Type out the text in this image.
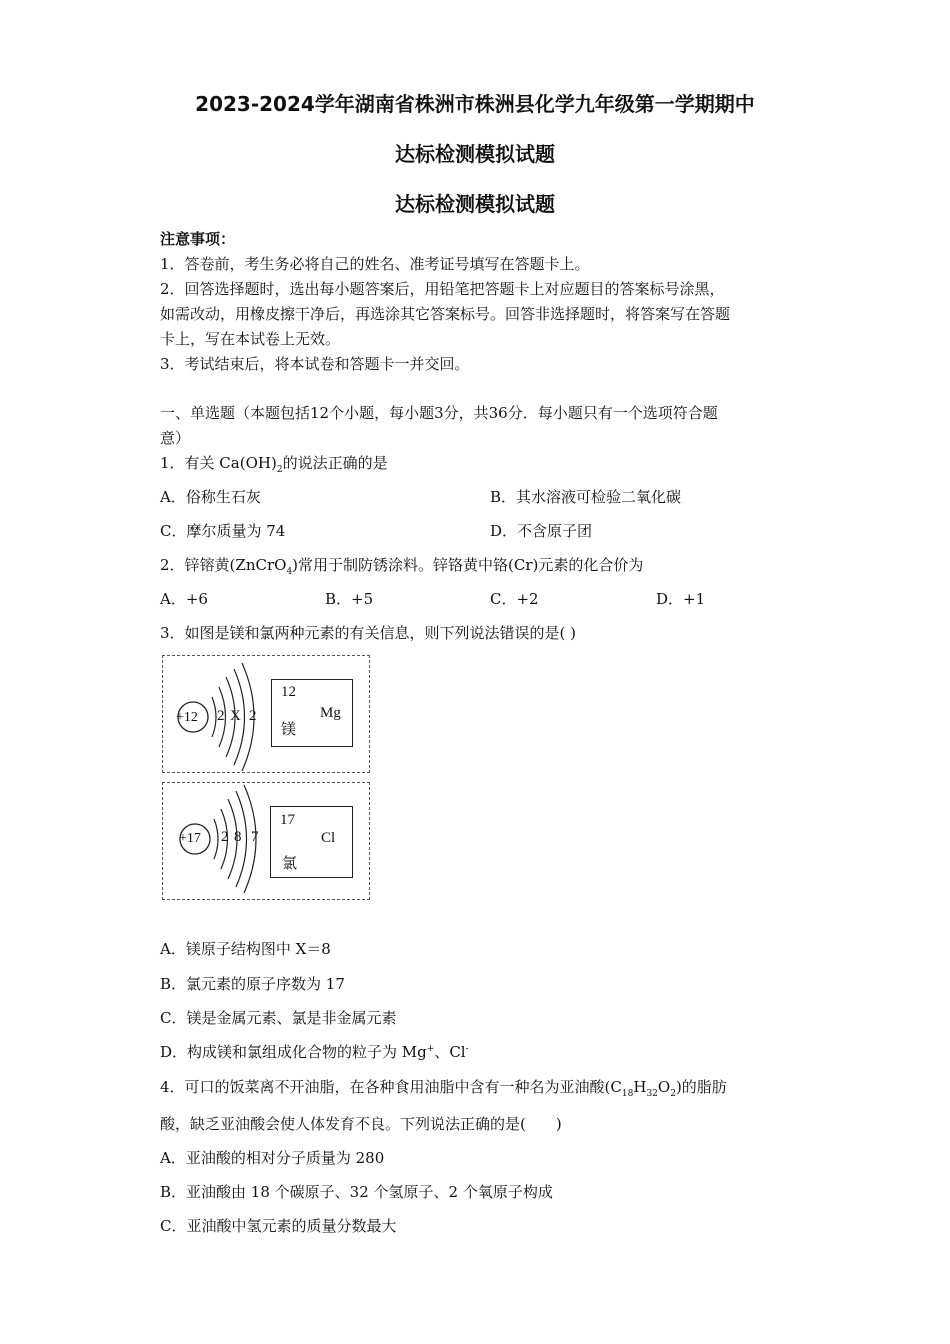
2023-2024学年湖南省株洲市株洲县化学九年级第一学期期中
达标检测模拟试题
达标检测模拟试题
注意事项：
1．答卷前，考生务必将自己的姓名、准考证号填写在答题卡上。
2．回答选择题时，选出每小题答案后，用铅笔把答题卡上对应题目的答案标号涂黑，
如需改动，用橡皮擦干净后，再选涂其它答案标号。回答非选择题时，将答案写在答题
卡上，写在本试卷上无效。
3．考试结束后，将本试卷和答题卡一并交回。
一、单选题（本题包括12个小题，每小题3分，共36分．每小题只有一个选项符合题
意）
1．有关 $Ca(OH)_2$的说法正确的是
A．俗称生石灰	B．其水溶液可检验二氧化碳
C．摩尔质量为 74	D．不含原子团
2．锌镕黄(ZnCrO$_4$)常用于制防锈涂料。锌铬黄中铬(Cr)元素的化合价为
A．+6	B．+5	C．+2	D．+1
3．如图是镁和氯两种元素的有关信息，则下列说法错误的是( )
+12 2 X 2
12
Mg
镁
+17 2 8 7
17
Cl
氯
A．镁原子结构图中 X＝8
B．氯元素的原子序数为 17
C．镁是金属元素、氯是非金属元素
D．构成镁和氯组成化合物的粒子为 Mg+、Cl-
4．可口的饭菜离不开油脂，在各种食用油脂中含有一种名为亚油酸$(C_{18}H_{32}O_2)$的脂肪
酸，缺乏亚油酸会使人体发育不良。下列说法正确的是(　　)
A．亚油酸的相对分子质量为 280
B．亚油酸由 18 个碳原子、32 个氢原子、2 个氧原子构成
C．亚油酸中氢元素的质量分数最大
